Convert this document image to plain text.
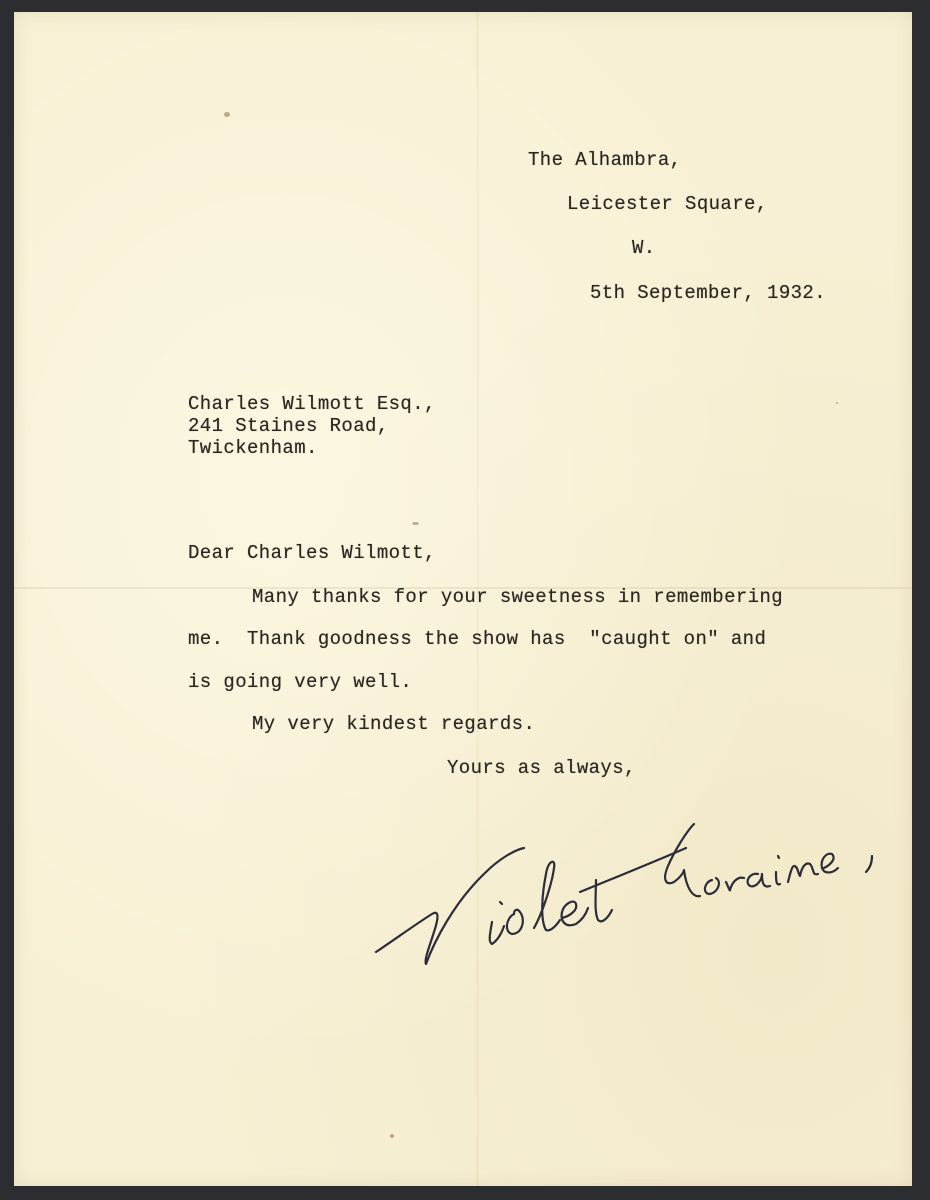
The Alhambra,
Leicester Square,
W.
5th September, 1932.
Charles Wilmott Esq.,
241 Staines Road,
Twickenham.
Dear Charles Wilmott,
Many thanks for your sweetness in remembering
me.  Thank goodness the show has  "caught on" and
is going very well.
My very kindest regards.
Yours as always,
